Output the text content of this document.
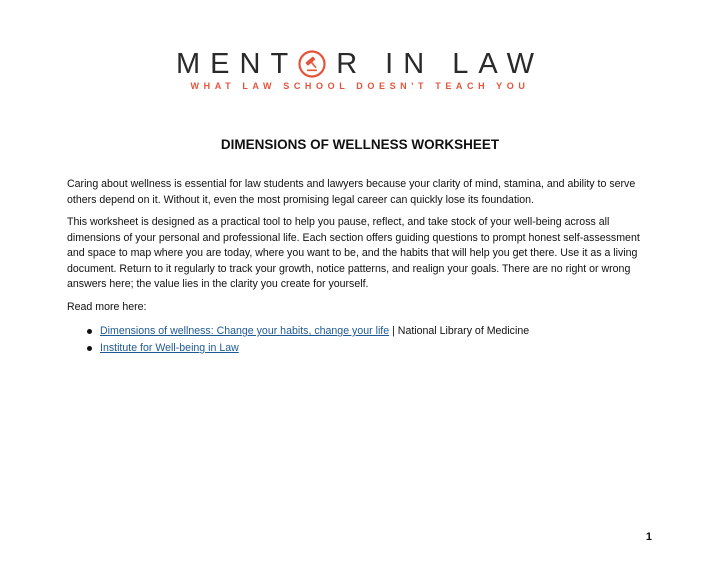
MENT R IN LAW
WHAT LAW SCHOOL DOESN'T TEACH YOU
DIMENSIONS OF WELLNESS WORKSHEET

Caring about wellness is essential for law students and lawyers because your clarity of mind, stamina, and ability to serve others depend on it. Without it, even the most promising legal career can quickly lose its foundation.

This worksheet is designed as a practical tool to help you pause, reflect, and take stock of your well-being across all dimensions of your personal and professional life. Each section offers guiding questions to prompt honest self-assessment and space to map where you are today, where you want to be, and the habits that will help you get there. Use it as a living document. Return to it regularly to track your growth, notice patterns, and realign your goals. There are no right or wrong answers here; the value lies in the clarity you create for yourself.

Read more here:

Dimensions of wellness: Change your habits, change your life | National Library of Medicine
Institute for Well-being in Law
1
